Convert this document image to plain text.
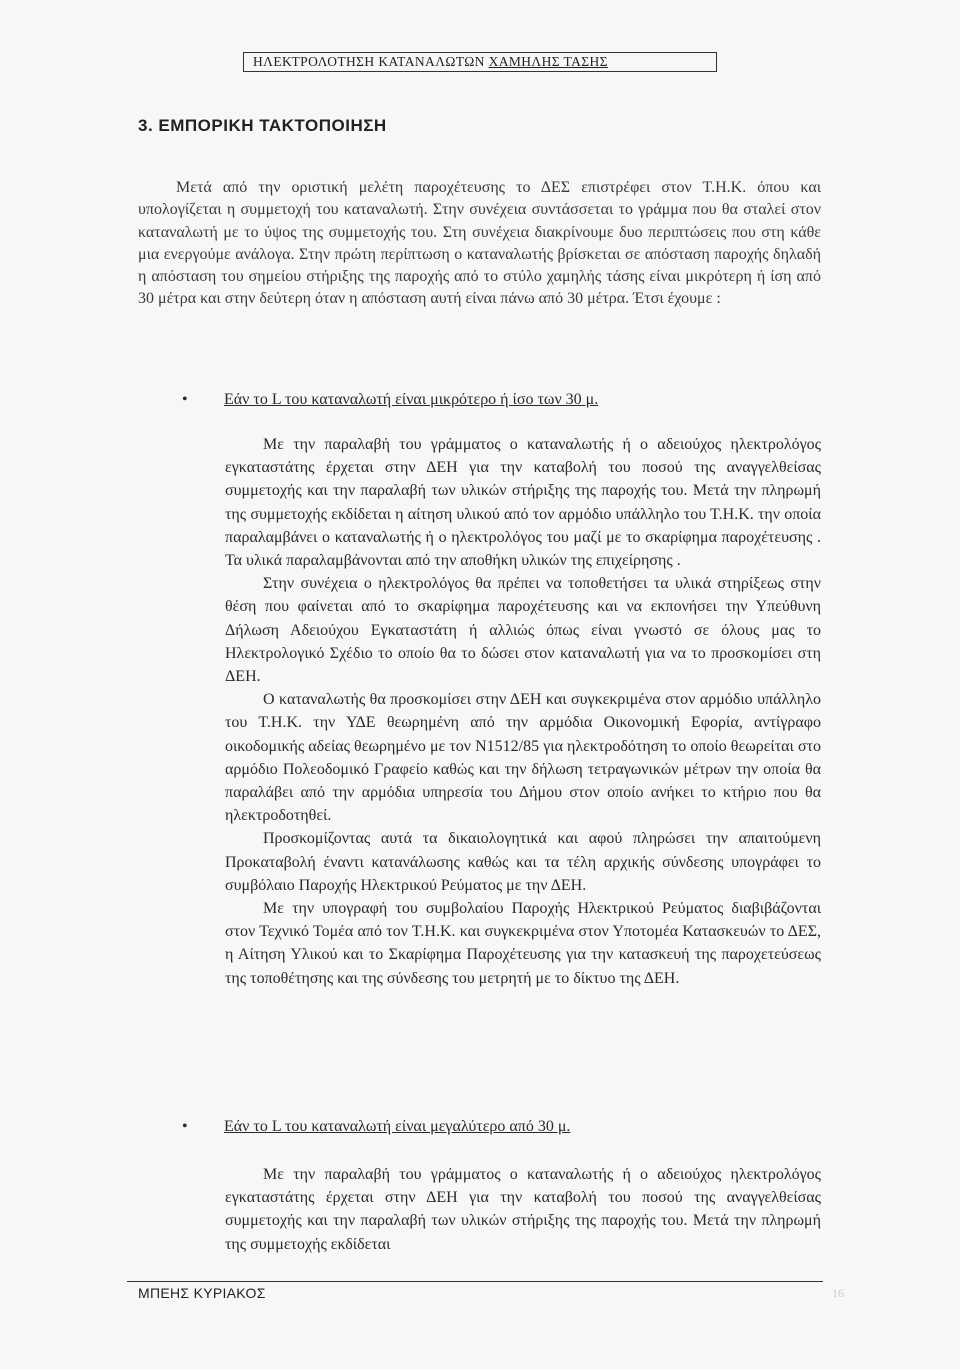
ΗΛΕΚΤΡΟΛΟΤΗΣΗ ΚΑΤΑΝΑΛΩΤΩΝ ΧΑΜΗΛΗΣ ΤΑΣΗΣ
3. ΕΜΠΟΡΙΚΗ ΤΑΚΤΟΠΟΙΗΣΗ

Μετά από την οριστική μελέτη παροχέτευσης το ΔΕΣ επιστρέφει στον Τ.Η.Κ. όπου και υπολογίζεται η συμμετοχή του καταναλωτή. Στην συνέχεια συντάσσεται το γράμμα που θα σταλεί στον καταναλωτή με το ύψος της συμμετοχής του. Στη συνέχεια διακρίνουμε δυο περιπτώσεις που στη κάθε μια ενεργούμε ανάλογα. Στην πρώτη περίπτωση ο καταναλωτής βρίσκεται σε απόσταση παροχής δηλαδή η απόσταση του σημείου στήριξης της παροχής από το στύλο χαμηλής τάσης είναι μικρότερη ή ίση από 30 μέτρα και στην δεύτερη όταν η απόσταση αυτή είναι πάνω από 30 μέτρα. Έτσι έχουμε :

• Εάν το L του καταναλωτή είναι μικρότερο ή ίσο των 30 μ.

Με την παραλαβή του γράμματος ο καταναλωτής ή ο αδειούχος ηλεκτρολόγος εγκαταστάτης έρχεται στην ΔΕΗ για την καταβολή του ποσού της αναγγελθείσας συμμετοχής και την παραλαβή των υλικών στήριξης της παροχής του. Μετά την πληρωμή της συμμετοχής εκδίδεται η αίτηση υλικού από τον αρμόδιο υπάλληλο του Τ.Η.Κ. την οποία παραλαμβάνει ο καταναλωτής ή ο ηλεκτρολόγος του μαζί με το σκαρίφημα παροχέτευσης . Τα υλικά παραλαμβάνονται από την αποθήκη υλικών της επιχείρησης .

Στην συνέχεια ο ηλεκτρολόγος θα πρέπει να τοποθετήσει τα υλικά στηρίξεως στην θέση που φαίνεται από το σκαρίφημα παροχέτευσης και να εκπονήσει την Υπεύθυνη Δήλωση Αδειούχου Εγκαταστάτη ή αλλιώς όπως είναι γνωστό σε όλους μας το Ηλεκτρολογικό Σχέδιο το οποίο θα το δώσει στον καταναλωτή για να το προσκομίσει στη ΔΕΗ.

Ο καταναλωτής θα προσκομίσει στην ΔΕΗ και συγκεκριμένα στον αρμόδιο υπάλληλο του Τ.Η.Κ. την ΥΔΕ θεωρημένη από την αρμόδια Οικονομική Εφορία, αντίγραφο οικοδομικής αδείας θεωρημένο με τον Ν1512/85 για ηλεκτροδότηση το οποίο θεωρείται στο αρμόδιο Πολεοδομικό Γραφείο καθώς και την δήλωση τετραγωνικών μέτρων την οποία θα παραλάβει από την αρμόδια υπηρεσία του Δήμου στον οποίο ανήκει το κτήριο που θα ηλεκτροδοτηθεί.

Προσκομίζοντας αυτά τα δικαιολογητικά και αφού πληρώσει την απαιτούμενη Προκαταβολή έναντι κατανάλωσης καθώς και τα τέλη αρχικής σύνδεσης υπογράφει το συμβόλαιο Παροχής Ηλεκτρικού Ρεύματος με την ΔΕΗ.

Με την υπογραφή του συμβολαίου Παροχής Ηλεκτρικού Ρεύματος διαβιβάζονται στον Τεχνικό Τομέα από τον Τ.Η.Κ. και συγκεκριμένα στον Υποτομέα Κατασκευών το ΔΕΣ, η Αίτηση Υλικού και το Σκαρίφημα Παροχέτευσης για την κατασκευή της παροχετεύσεως της τοποθέτησης και της σύνδεσης του μετρητή με το δίκτυο της ΔΕΗ.

• Εάν το L του καταναλωτή είναι μεγαλύτερο από 30 μ.

Με την παραλαβή του γράμματος ο καταναλωτής ή ο αδειούχος ηλεκτρολόγος εγκαταστάτης έρχεται στην ΔΕΗ για την καταβολή του ποσού της αναγγελθείσας συμμετοχής και την παραλαβή των υλικών στήριξης της παροχής του. Μετά την πληρωμή της συμμετοχής εκδίδεται

ΜΠΕΗΣ ΚΥΡΙΑΚΟΣ	16
